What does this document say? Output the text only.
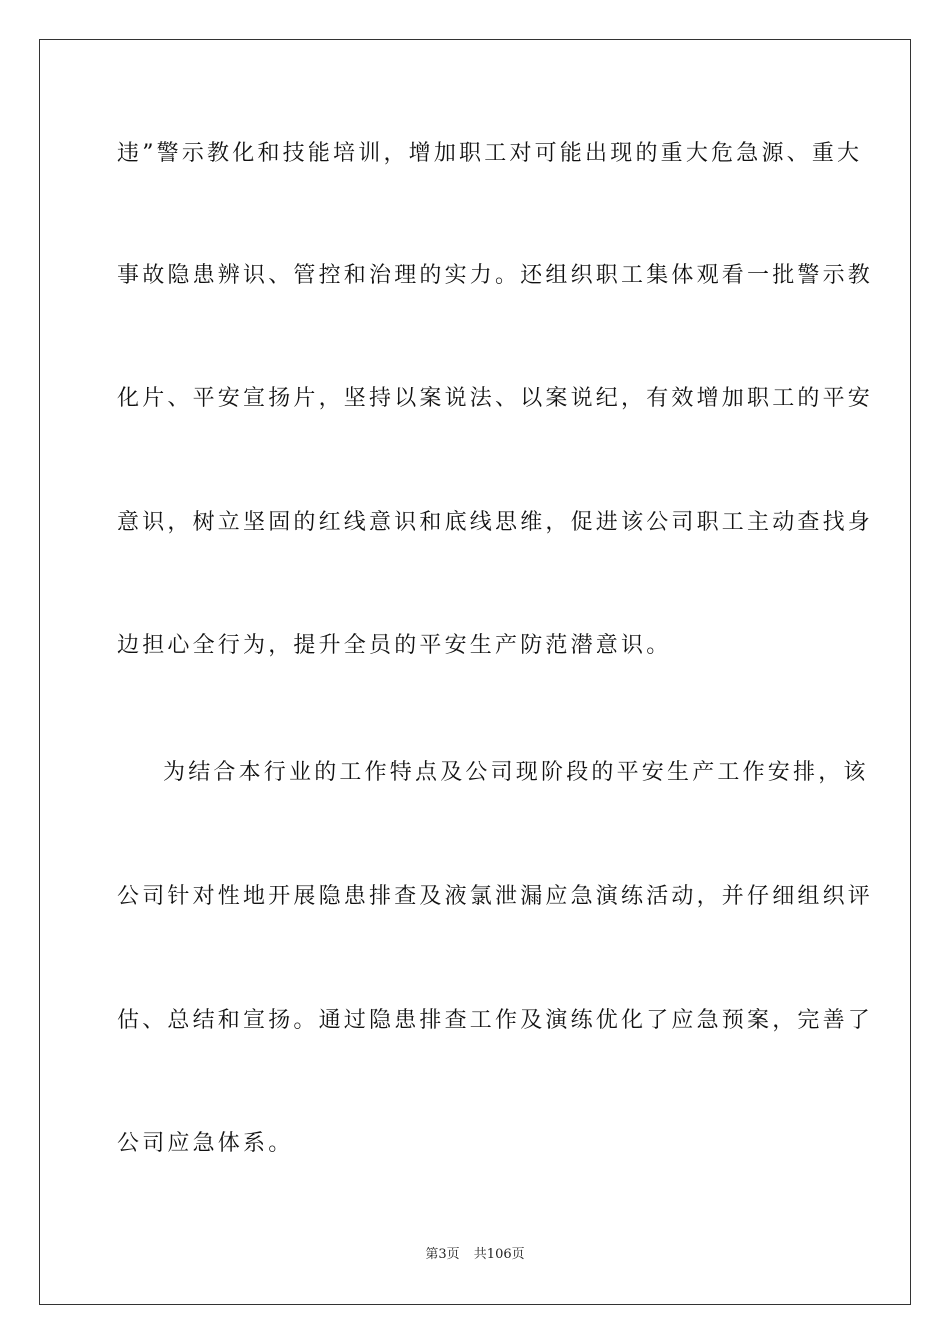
违”警示教化和技能培训，增加职工对可能出现的重大危急源、重大
事故隐患辨识、管控和治理的实力。还组织职工集体观看一批警示教
化片、平安宣扬片，坚持以案说法、以案说纪，有效增加职工的平安
意识，树立坚固的红线意识和底线思维，促进该公司职工主动查找身
边担心全行为，提升全员的平安生产防范潜意识。
为结合本行业的工作特点及公司现阶段的平安生产工作安排，该
公司针对性地开展隐患排查及液氯泄漏应急演练活动，并仔细组织评
估、总结和宣扬。通过隐患排查工作及演练优化了应急预案，完善了
公司应急体系。
第3页 共106页
